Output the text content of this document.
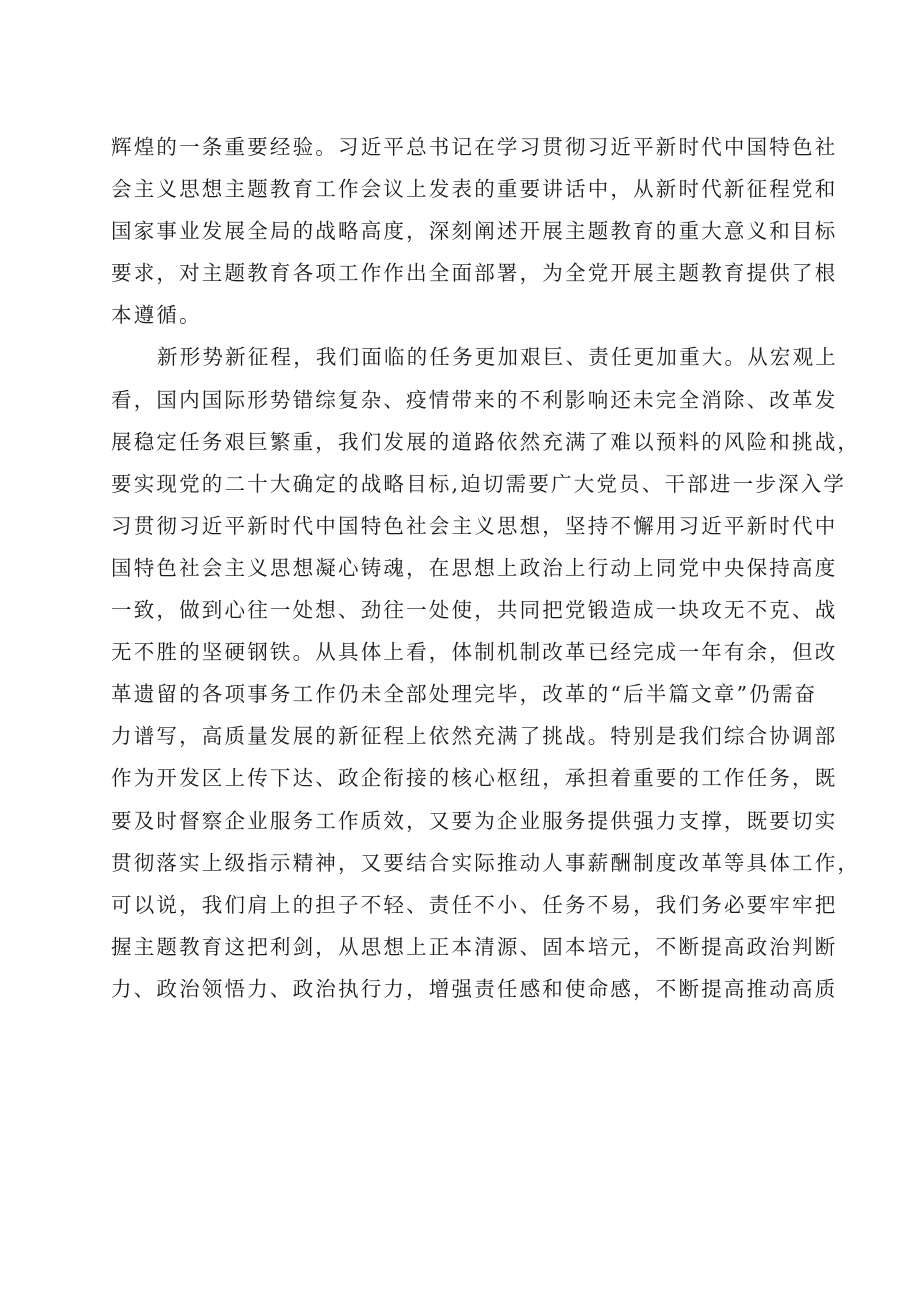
辉煌的一条重要经验。习近平总书记在学习贯彻习近平新时代中国特色社
会主义思想主题教育工作会议上发表的重要讲话中，从新时代新征程党和
国家事业发展全局的战略高度，深刻阐述开展主题教育的重大意义和目标
要求，对主题教育各项工作作出全面部署，为全党开展主题教育提供了根
本遵循。
新形势新征程，我们面临的任务更加艰巨、责任更加重大。从宏观上
看，国内国际形势错综复杂、疫情带来的不利影响还未完全消除、改革发
展稳定任务艰巨繁重，我们发展的道路依然充满了难以预料的风险和挑战，
要实现党的二十大确定的战略目标,迫切需要广大党员、干部进一步深入学
习贯彻习近平新时代中国特色社会主义思想，坚持不懈用习近平新时代中
国特色社会主义思想凝心铸魂，在思想上政治上行动上同党中央保持高度
一致，做到心往一处想、劲往一处使，共同把党锻造成一块攻无不克、战
无不胜的坚硬钢铁。从具体上看，体制机制改革已经完成一年有余，但改
革遗留的各项事务工作仍未全部处理完毕，改革的“后半篇文章”仍需奋
力谱写，高质量发展的新征程上依然充满了挑战。特别是我们综合协调部
作为开发区上传下达、政企衔接的核心枢纽，承担着重要的工作任务，既
要及时督察企业服务工作质效，又要为企业服务提供强力支撑，既要切实
贯彻落实上级指示精神，又要结合实际推动人事薪酬制度改革等具体工作，
可以说，我们肩上的担子不轻、责任不小、任务不易，我们务必要牢牢把
握主题教育这把利剑，从思想上正本清源、固本培元，不断提高政治判断
力、政治领悟力、政治执行力，增强责任感和使命感，不断提高推动高质
